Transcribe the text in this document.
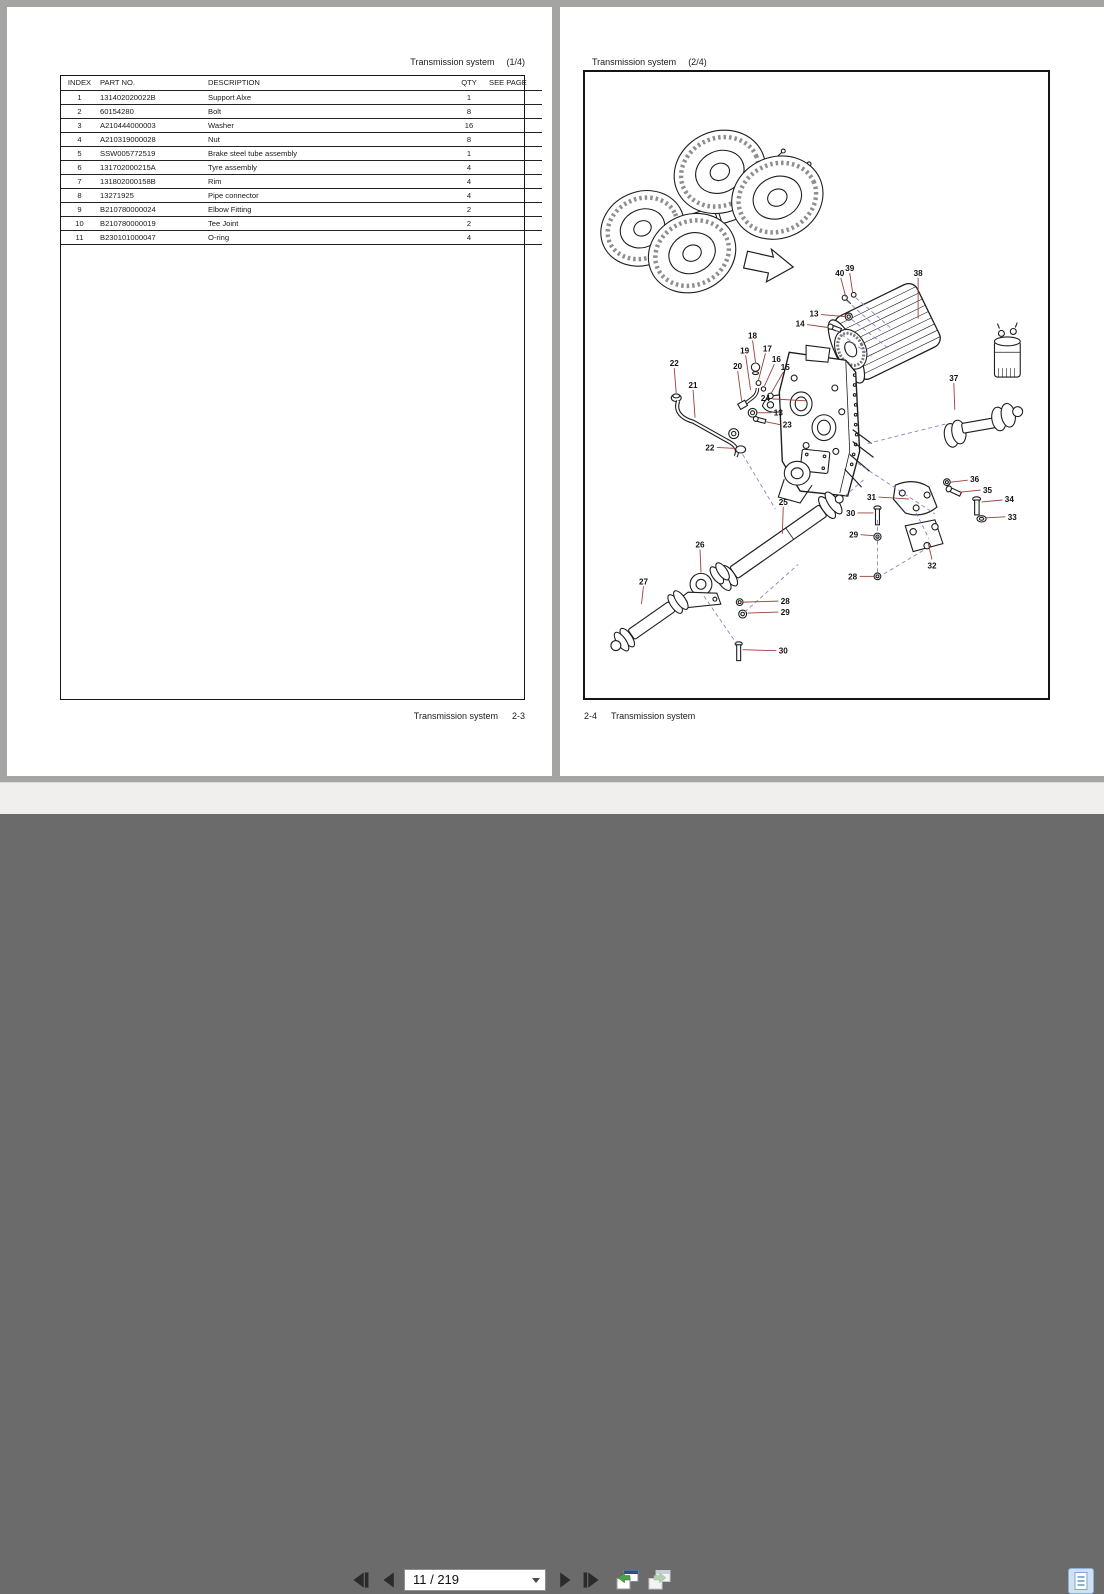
Transmission system (1/4)
INDEX	PART NO.	DESCRIPTION	QTY	SEE PAGE
1	131402020022B	Support Alxe	1	
2	60154280	Bolt	8	
3	A210444000003	Washer	16	
4	A210319000028	Nut	8	
5	SSW005772519	Brake steel tube assembly	1	
6	131702000215A	Tyre assembly	4	
7	131802000158B	Rim	4	
8	13271925	Pipe connector	4	
9	B210780000024	Elbow Fitting	2	
10	B210780000019	Tee Joint	2	
11	B230101000047	O-ring	4	
Transmission system 2-3
Transmission system (2/4)
40
39
38
13
14
18
19 17
16
15
20
22
21
24
13
23
22
37
36
35
34
33
31
30
29
32
28
25
26
27
28
29
30
2-4 Transmission system
11 / 219
